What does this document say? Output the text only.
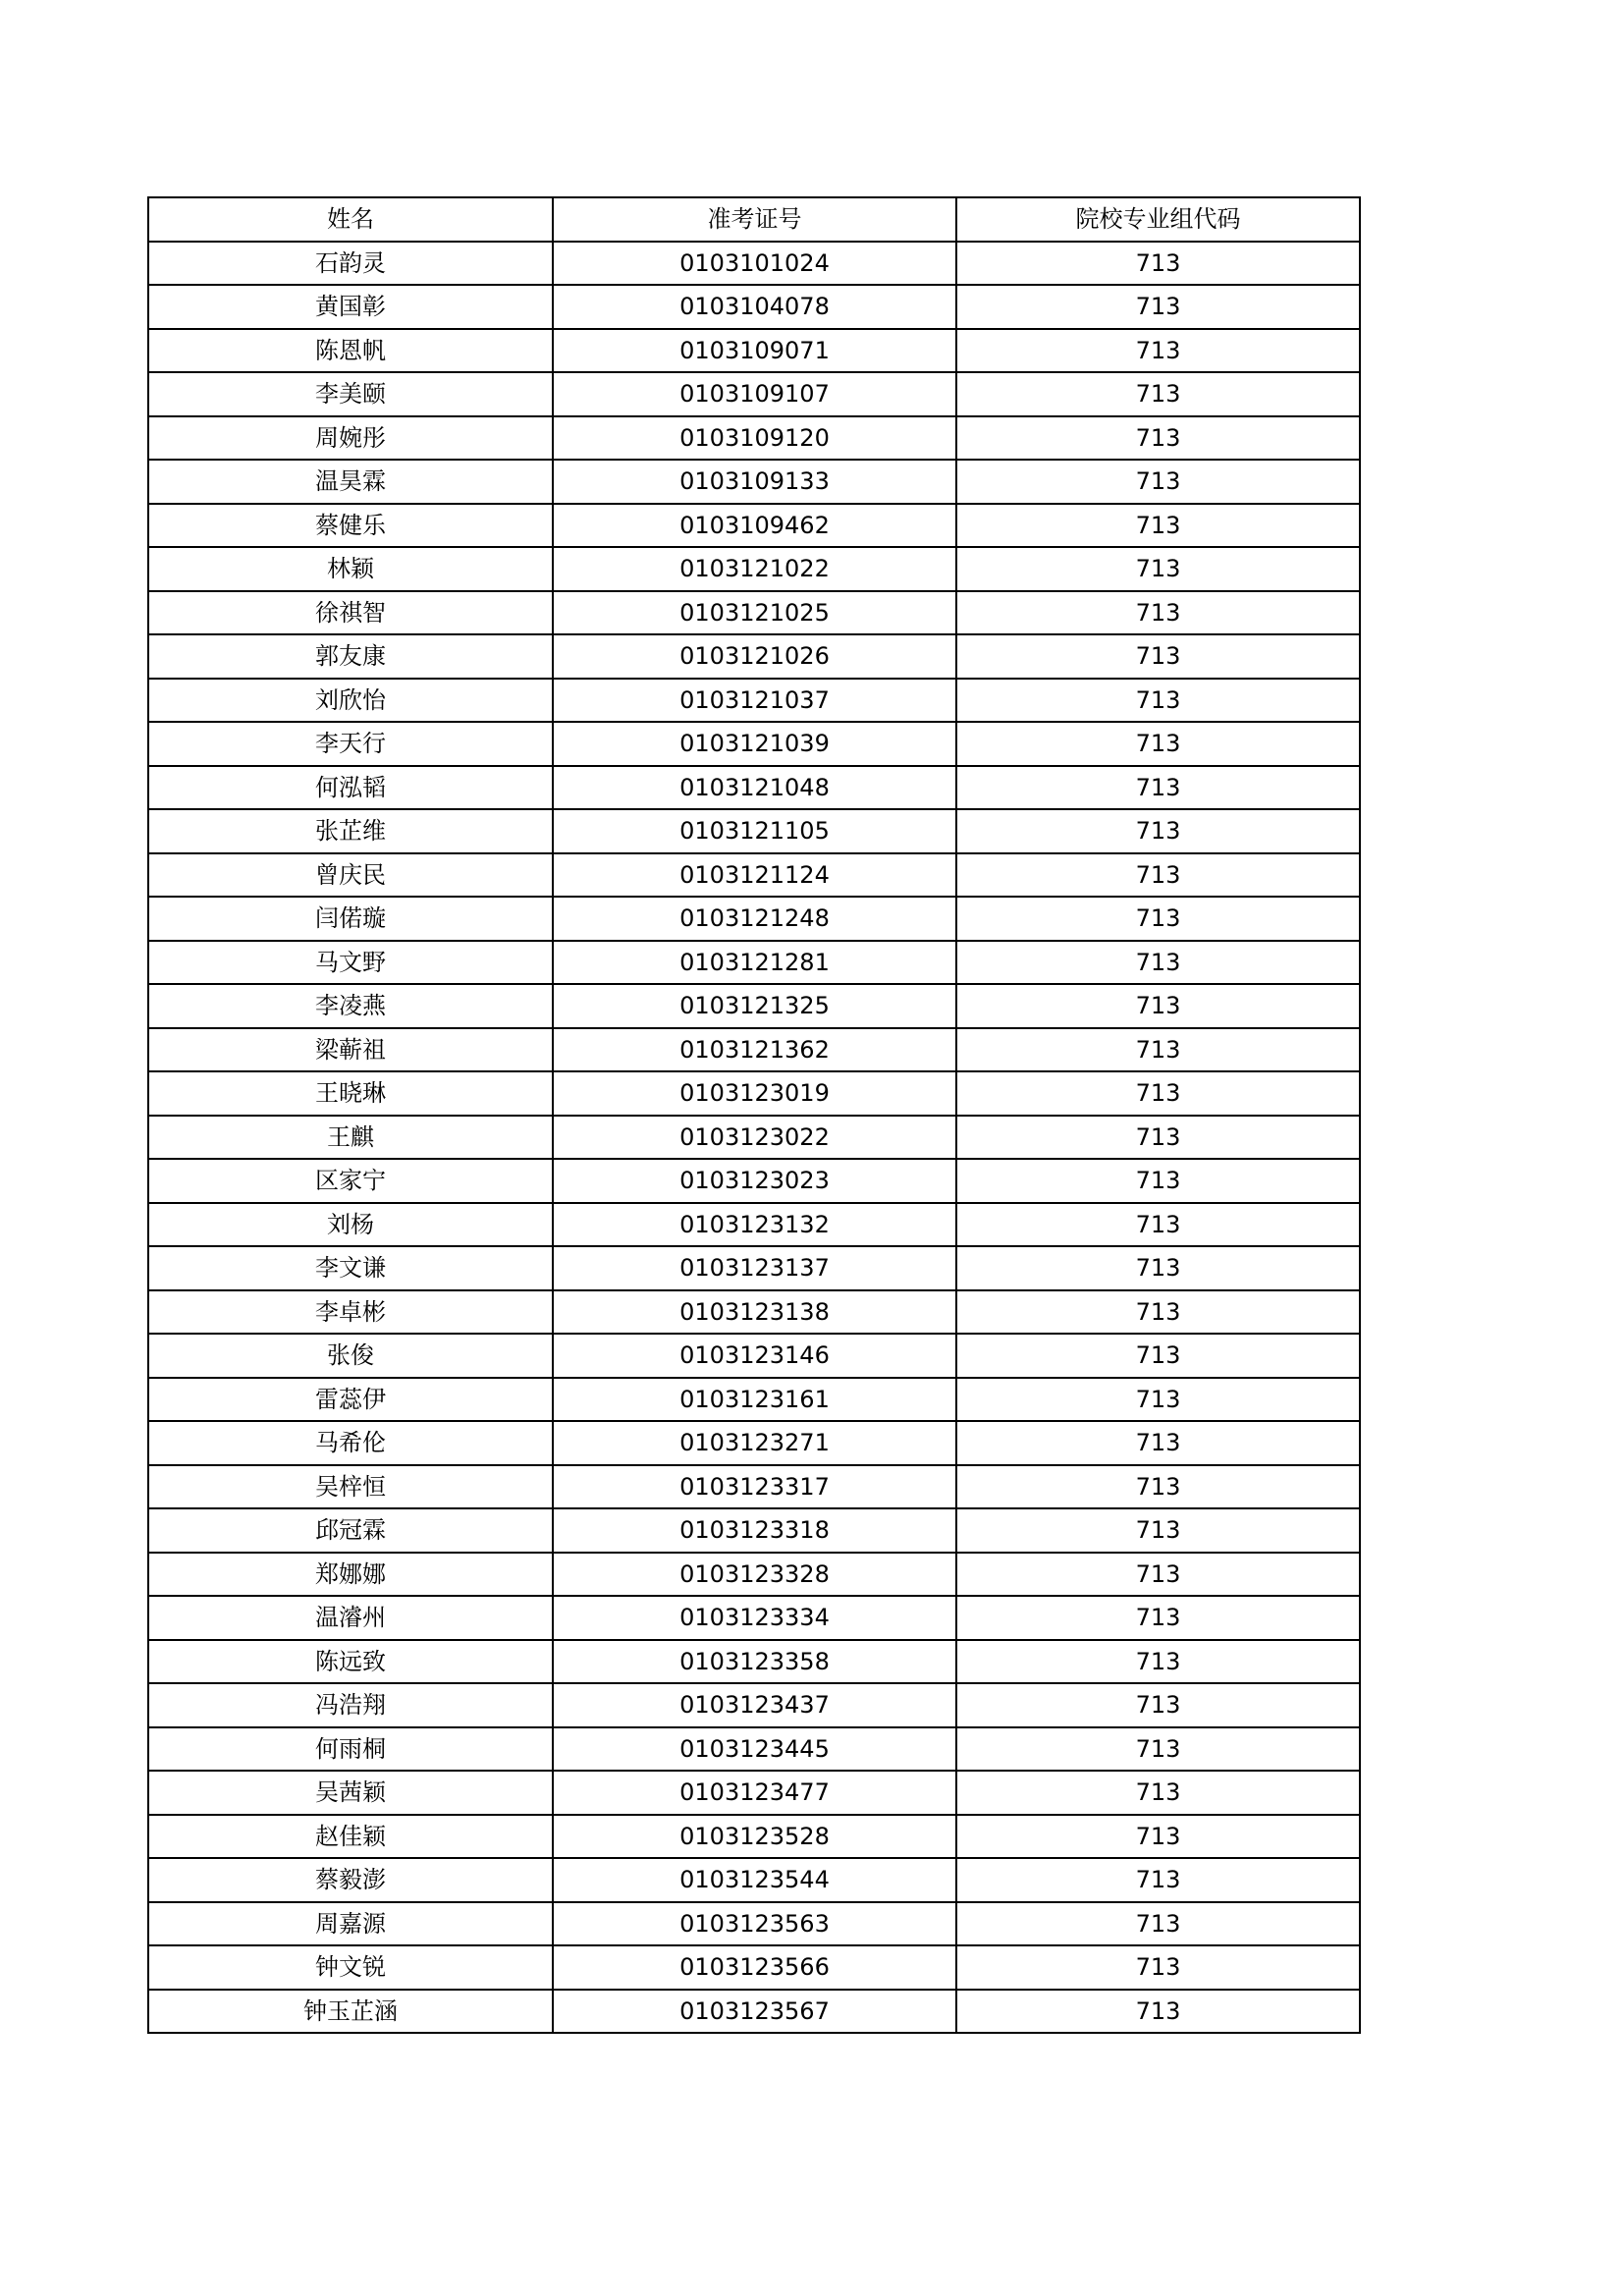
姓名	准考证号	院校专业组代码
石韵灵	0103101024	713
黄国彰	0103104078	713
陈恩帆	0103109071	713
李美颐	0103109107	713
周婉彤	0103109120	713
温昊霖	0103109133	713
蔡健乐	0103109462	713
林颖	0103121022	713
徐祺智	0103121025	713
郭友康	0103121026	713
刘欣怡	0103121037	713
李天行	0103121039	713
何泓韬	0103121048	713
张芷维	0103121105	713
曾庆民	0103121124	713
闫偌璇	0103121248	713
马文野	0103121281	713
李凌燕	0103121325	713
梁蕲祖	0103121362	713
王晓琳	0103123019	713
王麒	0103123022	713
区家宁	0103123023	713
刘杨	0103123132	713
李文谦	0103123137	713
李卓彬	0103123138	713
张俊	0103123146	713
雷蕊伊	0103123161	713
马希伦	0103123271	713
吴梓恒	0103123317	713
邱冠霖	0103123318	713
郑娜娜	0103123328	713
温濬州	0103123334	713
陈远致	0103123358	713
冯浩翔	0103123437	713
何雨桐	0103123445	713
吴茜颖	0103123477	713
赵佳颖	0103123528	713
蔡毅澎	0103123544	713
周嘉源	0103123563	713
钟文锐	0103123566	713
钟玉芷涵	0103123567	713
